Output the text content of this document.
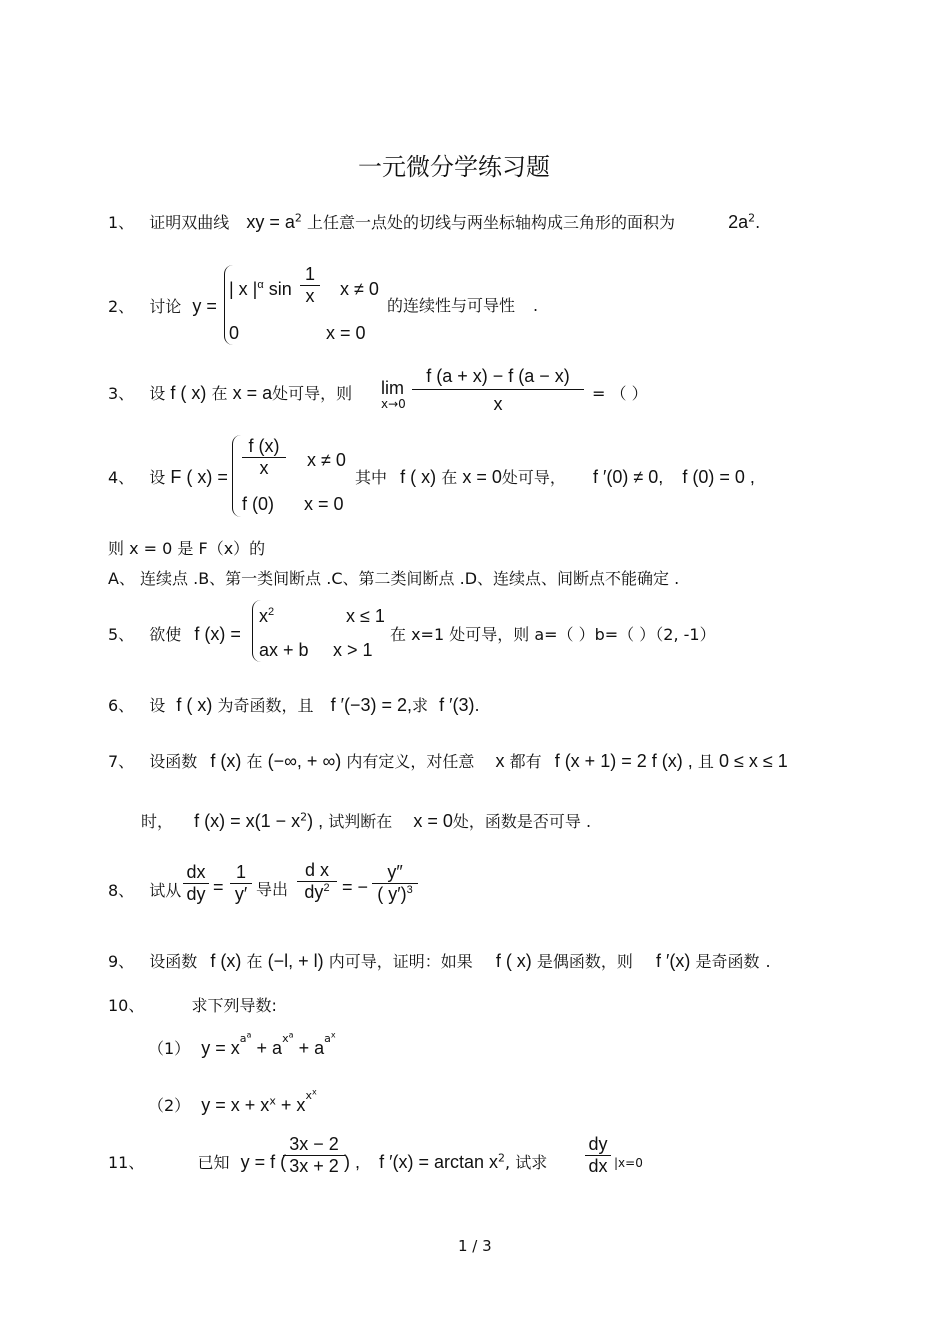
一元微分学练习题
1、 证明双曲线 xy = $a^2$ 上任意一点处的切线与两坐标轴构成三角形的面积为	$2a^2$.
2、 讨论 y =
| x $|^\alpha$ sin
1
x	x ≠ 0
0	x = 0
的连续性与可导性 .
3、 设 f ( x) 在 x = a处可导，则 lim
x→0
f (a + x) − f (a − x)
x
= （ ）
4、 设 F ( x) =
f (x)
x	x ≠ 0
f (0) x = 0
其中 f ( x) 在 x = 0处可导， f ′(0) ≠ 0, f (0) = 0 ,
则 x = 0 是 F（x）的
A、 连续点 .B、第一类间断点 .C、第二类间断点 .D、连续点、间断点不能确定 .
5、 欲使 f (x) =
$x^2$	x ≤ 1
ax + b x > 1
在 x=1 处可导，则 a=（ ）b=（ ）（2, -1）
6、 设 f ( x) 为奇函数，且 f ′(−3) = 2,求 f ′(3).
7、 设函数 f (x) 在 (−∞, + ∞) 内有定义，对任意 x 都有 f (x + 1) = 2 f (x) , 且 0 ≤ x ≤ 1
时， f $(x) = x(1 - x^2)$ , 试判断在 x = 0处，函数是否可导 .
8、 试从
dx
dy =
1
y′ 导出
d x
$dy^2$ = −
y″
( y′)$^3$
9、 设函数 f (x) 在 (−l, + l) 内可导，证明：如果 f ( x) 是偶函数，则 f ′(x) 是奇函数 .
10、	求下列导数:
（1） $y = x^{a^a} + a^{x^a} + a^{a^x}$
（2） $y = x + x^x + x^{x^x}$
11、	已知 y = f (
3x − 2
3x + 2 ) , f $'(x) = \arctan x^2$, 试求
dy
dx |x=0
1 / 3
